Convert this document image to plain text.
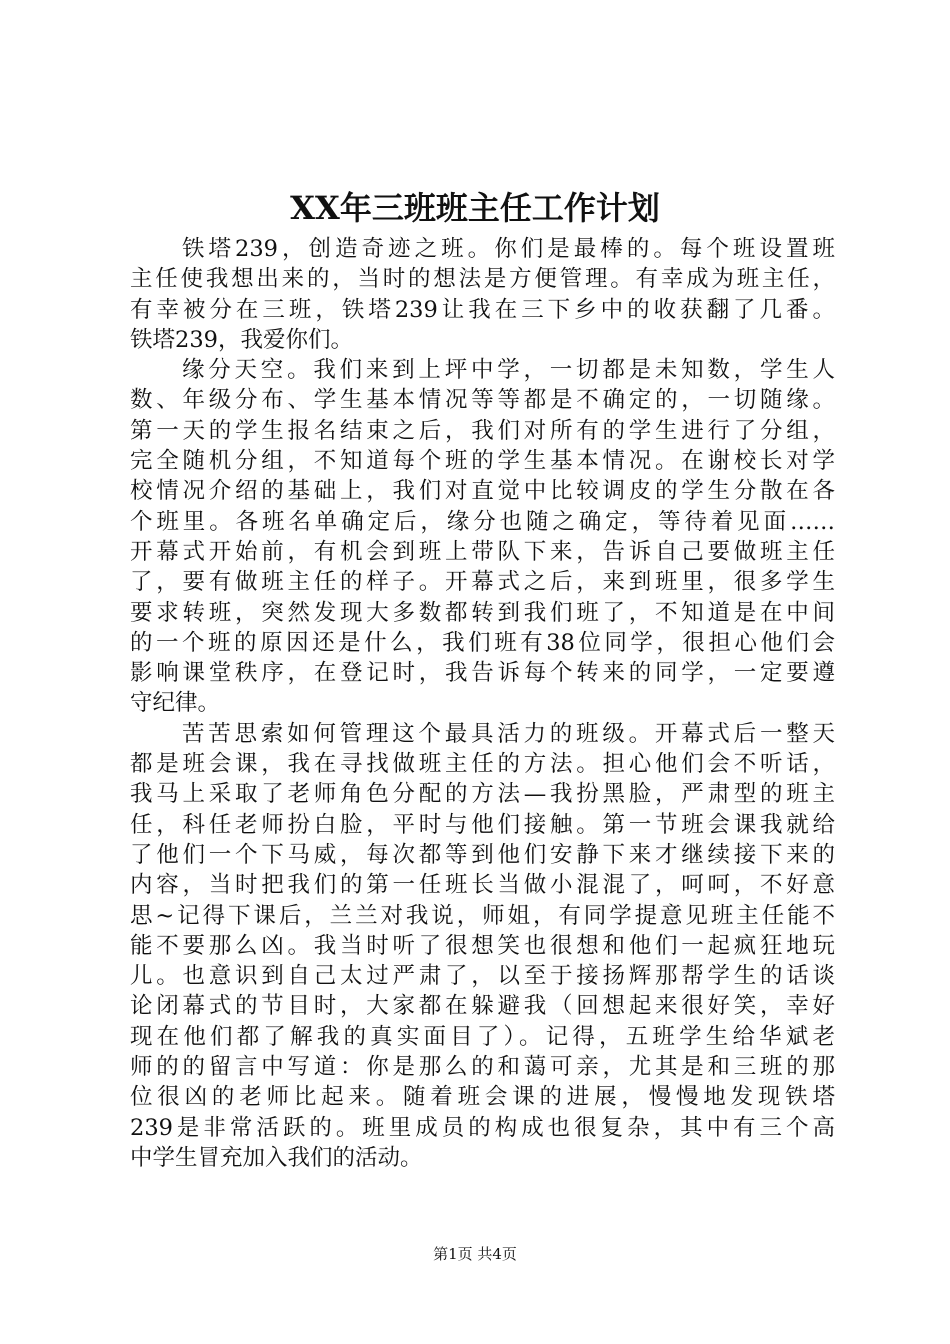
XX年三班班主任工作计划
铁塔239，创造奇迹之班。你们是最棒的。每个班设置班
主任使我想出来的，当时的想法是方便管理。有幸成为班主任，
有幸被分在三班，铁塔239让我在三下乡中的收获翻了几番。
铁塔239，我爱你们。
缘分天空。我们来到上坪中学，一切都是未知数，学生人
数、年级分布、学生基本情况等等都是不确定的，一切随缘。
第一天的学生报名结束之后，我们对所有的学生进行了分组，
完全随机分组，不知道每个班的学生基本情况。在谢校长对学
校情况介绍的基础上，我们对直觉中比较调皮的学生分散在各
个班里。各班名单确定后，缘分也随之确定，等待着见面……
开幕式开始前，有机会到班上带队下来，告诉自己要做班主任
了，要有做班主任的样子。开幕式之后，来到班里，很多学生
要求转班，突然发现大多数都转到我们班了，不知道是在中间
的一个班的原因还是什么，我们班有38位同学，很担心他们会
影响课堂秩序，在登记时，我告诉每个转来的同学，一定要遵
守纪律。
苦苦思索如何管理这个最具活力的班级。开幕式后一整天
都是班会课，我在寻找做班主任的方法。担心他们会不听话，
我马上采取了老师角色分配的方法—我扮黑脸，严肃型的班主
任，科任老师扮白脸，平时与他们接触。第一节班会课我就给
了他们一个下马威，每次都等到他们安静下来才继续接下来的
内容，当时把我们的第一任班长当做小混混了，呵呵，不好意
思~记得下课后，兰兰对我说，师姐，有同学提意见班主任能不
能不要那么凶。我当时听了很想笑也很想和他们一起疯狂地玩
儿。也意识到自己太过严肃了，以至于接扬辉那帮学生的话谈
论闭幕式的节目时，大家都在躲避我（回想起来很好笑，幸好
现在他们都了解我的真实面目了）。记得，五班学生给华斌老
师的的留言中写道：你是那么的和蔼可亲，尤其是和三班的那
位很凶的老师比起来。随着班会课的进展，慢慢地发现铁塔
239是非常活跃的。班里成员的构成也很复杂，其中有三个高
中学生冒充加入我们的活动。
第1页 共4页
